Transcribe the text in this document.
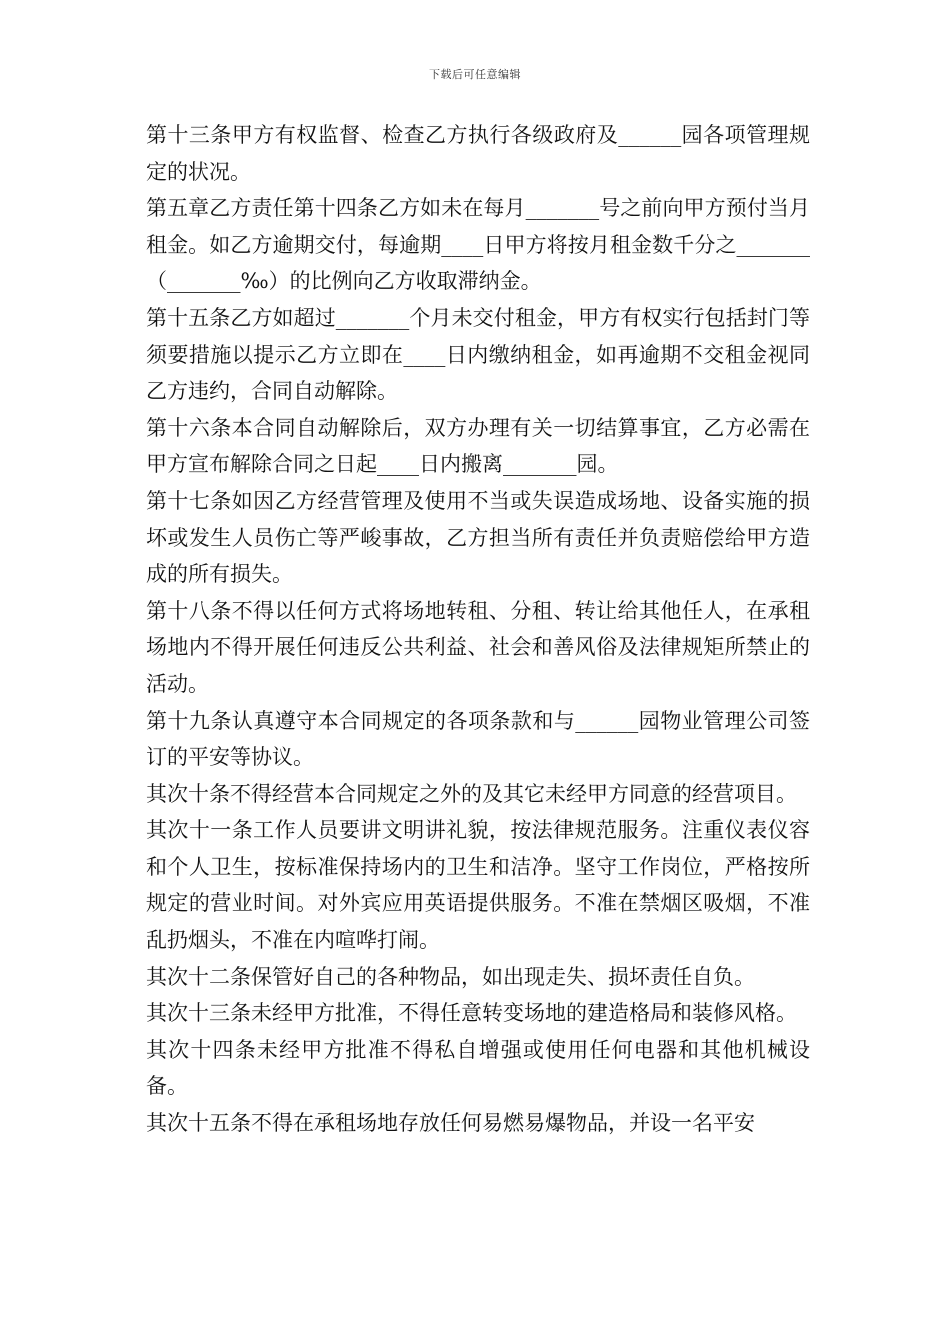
下载后可任意编辑

第十三条甲方有权监督、检查乙方执行各级政府及______园各项管理规定的状况。

第五章乙方责任第十四条乙方如未在每月_______号之前向甲方预付当月租金。如乙方逾期交付，每逾期____日甲方将按月租金数千分之_______（_______‰）的比例向乙方收取滞纳金。

第十五条乙方如超过_______个月未交付租金，甲方有权实行包括封门等须要措施以提示乙方立即在____日内缴纳租金，如再逾期不交租金视同乙方违约，合同自动解除。

第十六条本合同自动解除后，双方办理有关一切结算事宜，乙方必需在甲方宣布解除合同之日起____日内搬离_______园。

第十七条如因乙方经营管理及使用不当或失误造成场地、设备实施的损坏或发生人员伤亡等严峻事故，乙方担当所有责任并负责赔偿给甲方造成的所有损失。

第十八条不得以任何方式将场地转租、分租、转让给其他任人，在承租场地内不得开展任何违反公共利益、社会和善风俗及法律规矩所禁止的活动。

第十九条认真遵守本合同规定的各项条款和与______园物业管理公司签订的平安等协议。

其次十条不得经营本合同规定之外的及其它未经甲方同意的经营项目。

其次十一条工作人员要讲文明讲礼貌，按法律规范服务。注重仪表仪容和个人卫生，按标准保持场内的卫生和洁净。坚守工作岗位，严格按所规定的营业时间。对外宾应用英语提供服务。不准在禁烟区吸烟，不准乱扔烟头，不准在内喧哗打闹。

其次十二条保管好自己的各种物品，如出现走失、损坏责任自负。

其次十三条未经甲方批准，不得任意转变场地的建造格局和装修风格。

其次十四条未经甲方批准不得私自增强或使用任何电器和其他机械设备。

其次十五条不得在承租场地存放任何易燃易爆物品，并设一名平安
